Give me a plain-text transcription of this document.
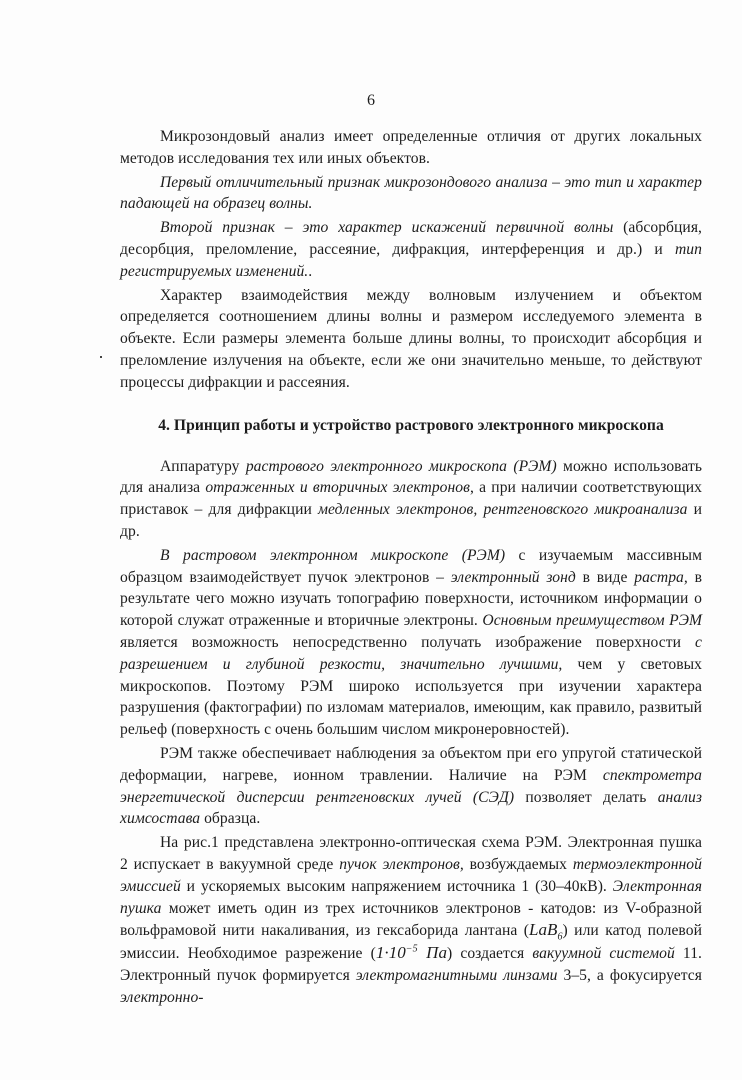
6

Микрозондовый анализ имеет определенные отличия от других локальных методов исследования тех или иных объектов.

Первый отличительный признак микрозондового анализа – это тип и характер падающей на образец волны.

Второй признак – это характер искажений первичной волны (абсорбция, десорбция, преломление, рассеяние, дифракция, интерференция и др.) и тип регистрируемых изменений..

Характер взаимодействия между волновым излучением и объектом определяется соотношением длины волны и размером исследуемого элемента в объекте. Если размеры элемента больше длины волны, то происходит абсорбция и преломление излучения на объекте, если же они значительно меньше, то действуют процессы дифракции и рассеяния.

4. Принцип работы и устройство растрового электронного микроскопа

Аппаратуру растрового электронного микроскопа (РЭМ) можно использовать для анализа отраженных и вторичных электронов, а при наличии соответствующих приставок – для дифракции медленных электронов, рентгеновского микроанализа и др.

В растровом электронном микроскопе (РЭМ) с изучаемым массивным образцом взаимодействует пучок электронов – электронный зонд в виде растра, в результате чего можно изучать топографию поверхности, источником информации о которой служат отраженные и вторичные электроны. Основным преимуществом РЭМ является возможность непосредственно получать изображение поверхности с разрешением и глубиной резкости, значительно лучшими, чем у световых микроскопов. Поэтому РЭМ широко используется при изучении характера разрушения (фактографии) по изломам материалов, имеющим, как правило, развитый рельеф (поверхность с очень большим числом микронеровностей).

РЭМ также обеспечивает наблюдения за объектом при его упругой статической деформации, нагреве, ионном травлении. Наличие на РЭМ спектрометра энергетической дисперсии рентгеновских лучей (СЭД) позволяет делать анализ химсостава образца.

На рис.1 представлена электронно-оптическая схема РЭМ. Электронная пушка 2 испускает в вакуумной среде пучок электронов, возбуждаемых термоэлектронной эмиссией и ускоряемых высоким напряжением источника 1 (30–40кВ). Электронная пушка может иметь один из трех источников электронов - катодов: из V-образной вольфрамовой нити накаливания, из гексаборида лантана (LaB$_6$) или катод полевой эмиссии. Необходимое разрежение ($1\cdot 10^{-5}$ Па) создается вакуумной системой 11. Электронный пучок формируется электромагнитными линзами 3–5, а фокусируется электронно-
